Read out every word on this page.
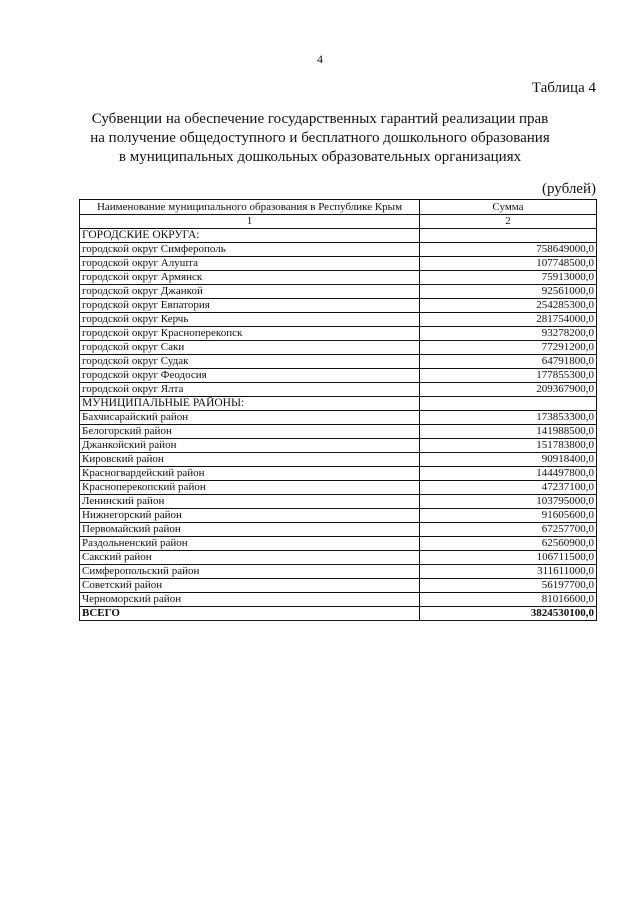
4
Таблица 4
Субвенции на обеспечение государственных гарантий реализации прав
на получение общедоступного и бесплатного дошкольного образования
в муниципальных дошкольных образовательных организациях
(рублей)
Наименование муниципального образования в Республике Крым	Сумма
1	2
ГОРОДСКИЕ ОКРУГА:	
городской округ Симферополь	758649000,0
городской округ Алушта	107748500,0
городской округ Армянск	75913000,0
городской округ Джанкой	92561000,0
городской округ Евпатория	254285300,0
городской округ Керчь	281754000,0
городской округ Красноперекопск	93278200,0
городской округ Саки	77291200,0
городской округ Судак	64791800,0
городской округ Феодосия	177855300,0
городской округ Ялта	209367900,0
МУНИЦИПАЛЬНЫЕ РАЙОНЫ:	
Бахчисарайский район	173853300,0
Белогорский район	141988500,0
Джанкойский район	151783800,0
Кировский район	90918400,0
Красногвардейский район	144497800,0
Красноперекопский район	47237100,0
Ленинский район	103795000,0
Нижнегорский район	91605600,0
Первомайский район	67257700,0
Раздольненский район	62560900,0
Сакский район	106711500,0
Симферопольский район	311611000,0
Советский район	56197700,0
Черноморский район	81016600,0
ВСЕГО	3824530100,0
